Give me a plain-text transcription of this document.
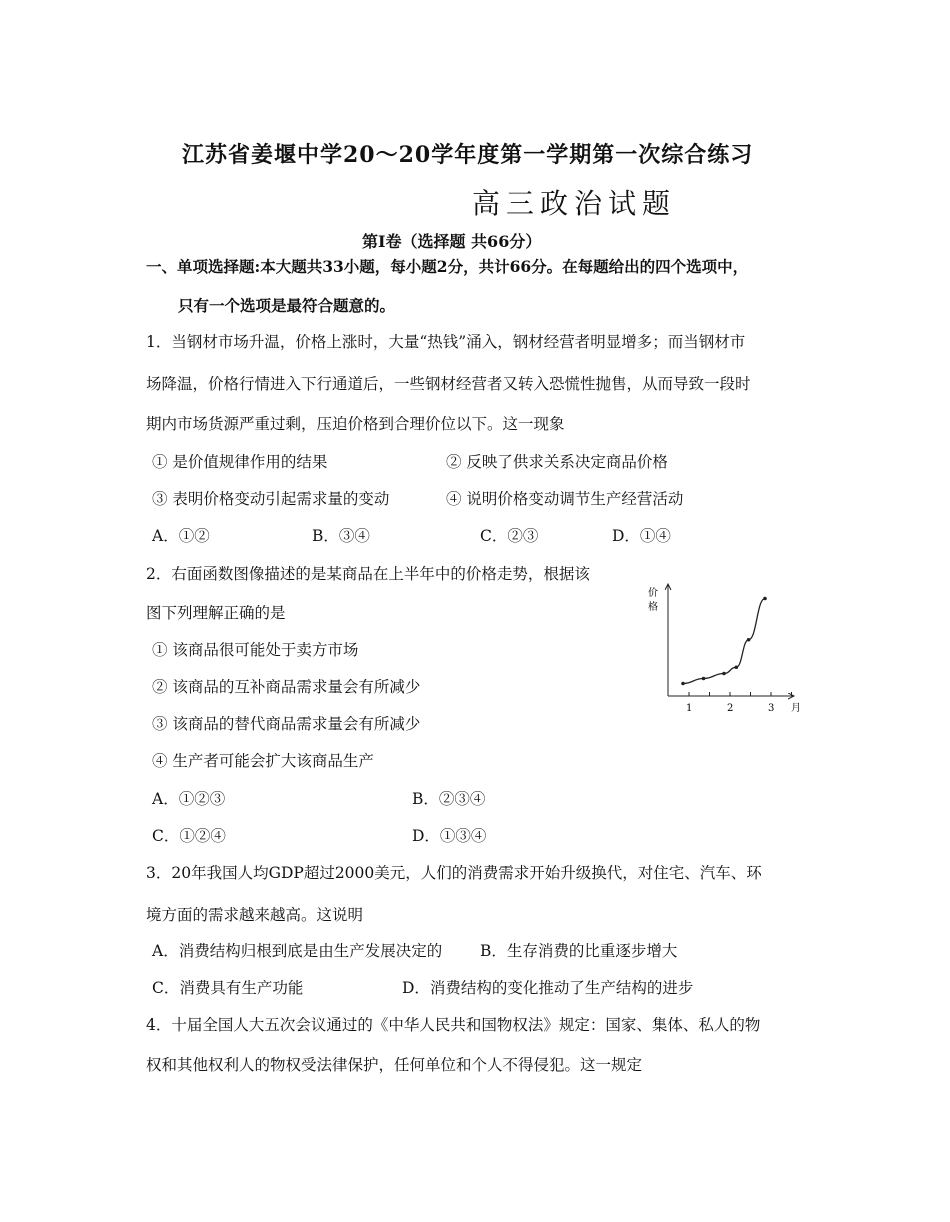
江苏省姜堰中学20～20学年度第一学期第一次综合练习
高三政治试题
第Ⅰ卷（选择题 共66分）
一、单项选择题:本大题共33小题，每小题2分，共计66分。在每题给出的四个选项中，
只有一个选项是最符合题意的。
1．当钢材市场升温，价格上涨时，大量“热钱”涌入，钢材经营者明显增多；而当钢材市
场降温，价格行情进入下行通道后，一些钢材经营者又转入恐慌性抛售，从而导致一段时
期内市场货源严重过剩，压迫价格到合理价位以下。这一现象
① 是价值规律作用的结果	② 反映了供求关系决定商品价格
③ 表明价格变动引起需求量的变动	④ 说明价格变动调节生产经营活动
A．①②	B．③④	C．②③	D．①④
2．右面函数图像描述的是某商品在上半年中的价格走势，根据该
图下列理解正确的是
① 该商品很可能处于卖方市场
② 该商品的互补商品需求量会有所减少
③ 该商品的替代商品需求量会有所减少
④ 生产者可能会扩大该商品生产
A．①②③	B．②③④
C．①②④	D．①③④
价
格
1	2	3 月
3．20年我国人均GDP超过2000美元，人们的消费需求开始升级换代，对住宅、汽车、环
境方面的需求越来越高。这说明
A．消费结构归根到底是由生产发展决定的 B．生存消费的比重逐步增大
C．消费具有生产功能	D．消费结构的变化推动了生产结构的进步
4．十届全国人大五次会议通过的《中华人民共和国物权法》规定：国家、集体、私人的物
权和其他权利人的物权受法律保护，任何单位和个人不得侵犯。这一规定
